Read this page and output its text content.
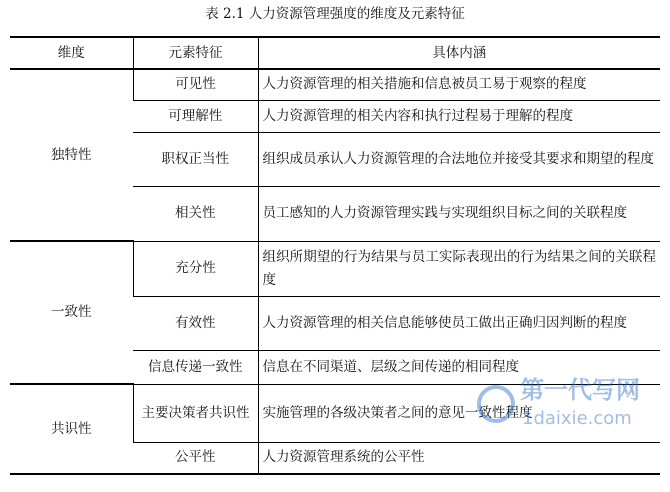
表 2.1 人力资源管理强度的维度及元素特征
维度	元素特征	具体内涵
独特性	可见性	人力资源管理的相关措施和信息被员工易于观察的程度
	可理解性	人力资源管理的相关内容和执行过程易于理解的程度
	职权正当性	组织成员承认人力资源管理的合法地位并接受其要求和期望的程度
	相关性	员工感知的人力资源管理实践与实现组织目标之间的关联程度
一致性	充分性	组织所期望的行为结果与员工实际表现出的行为结果之间的关联程度
	有效性	人力资源管理的相关信息能够使员工做出正确归因判断的程度
	信息传递一致性	信息在不同渠道、层级之间传递的相同程度
共识性	主要决策者共识性	实施管理的各级决策者之间的意见一致性程度
	公平性	人力资源管理系统的公平性
第一代写网
1daixie.com
